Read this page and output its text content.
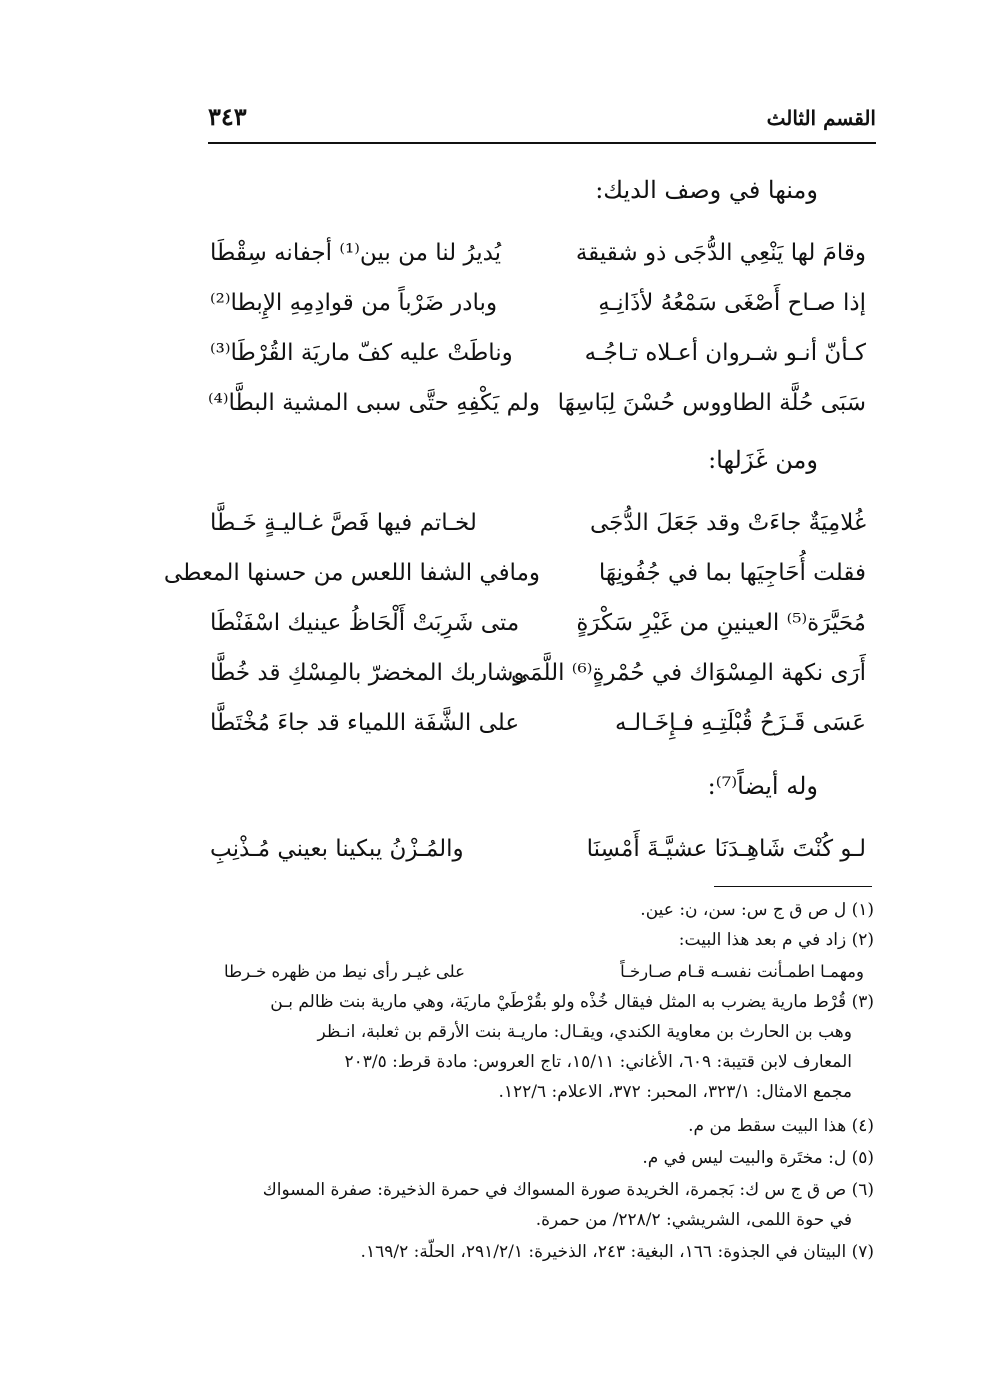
القسم الثالث
٣٤٣
ومنها في وصف الديك:
وقامَ لها يَنْعِي الدُّجَى ذو شقيقة
يُديرُ لنا من بين⁽¹⁾ أجفانه سِقْطَا
إذا صـاح أَصْغَى سَمْعُهُ لأذَانِـهِ
وبادر ضَرْباً من قوادِمِهِ الإِبطا⁽²⁾
كـأنّ أنـو شـروان أعـلاه تـاجُـه
وناطَتْ عليه كفّ ماريَة القُرْطَا⁽³⁾
سَبَى حُلَّة الطاووس حُسْنَ لِبَاسِهَا
ولم يَكْفِهِ حتَّى سبى المشية البطَّا⁽⁴⁾
ومن غَزَلها:
غُلامِيَةٌ جاءَتْ وقد جَعَلَ الدُّجَى
لخـاتم فيها فَصَّ غـاليـةٍ خَـطَّا
فقلت أُحَاجِيَها بما في جُفُونِهَا
ومافي الشفا اللعس من حسنها المعطى
مُحَيَّرَة⁽⁵⁾ العينينِ من غَيْرِ سَكْرَةٍ
متى شَرِبَتْ أَلْحَاظُ عينيك اسْفَنْطَا
أَرَى نكهة المِسْوَاك في حُمْرةٍ⁽⁶⁾ اللَّمَى
وشاربك المخضرّ بالمِسْكِ قد خُطَّا
عَسَى قَـزَحُ قُبْلَتِـهِ فـإِخَـالـه
على الشَّفَة اللمياء قد جاءَ مُخْتَطَّا
وله أيضاً⁽⁷⁾:
لـو كُنْتَ شَاهِـدَنَا عشيَّـةَ أَمْسِنَا
والمُـزْنُ يبكينا بعيني مُـذْنِبِ
(١) ل ص ق ج س: سن، ن: عين.
(٢) زاد في م بعد هذا البيت:
ومهمـا اطمـأنت نفسـه قـام صـارخـاً
على غيـر رأى نيط من ظهره خـرطا
(٣) قُرْط مارية يضرب به المثل فيقال خُذْه ولو بقُرْطَيْ ماريَة، وهي مارية بنت ظالم بـن
وهب بن الحارث بن معاوية الكندي، ويقـال: ماريـة بنت الأرقم بن ثعلبة، انـظر
المعارف لابن قتيبة: ٦٠٩، الأغاني: ١٥/١١، تاج العروس: مادة قرط: ٢٠٣/٥
مجمع الامثال: ٣٢٣/١، المحبر: ٣٧٢، الاعلام: ١٢٢/٦.
(٤) هذا البيت سقط من م.
(٥) ل: مختَرة والبيت ليس في م.
(٦) ص ق ج س ك: بَجمرة، الخريدة صورة المسواك في حمرة الذخيرة: صفرة المسواك
في حوة اللمى، الشريشي: ٢٢٨/٢/ من حمرة.
(٧) البيتان في الجذوة: ١٦٦، البغية: ٢٤٣، الذخيرة: ٢٩١/٢/١، الحلّة: ١٦٩/٢.
